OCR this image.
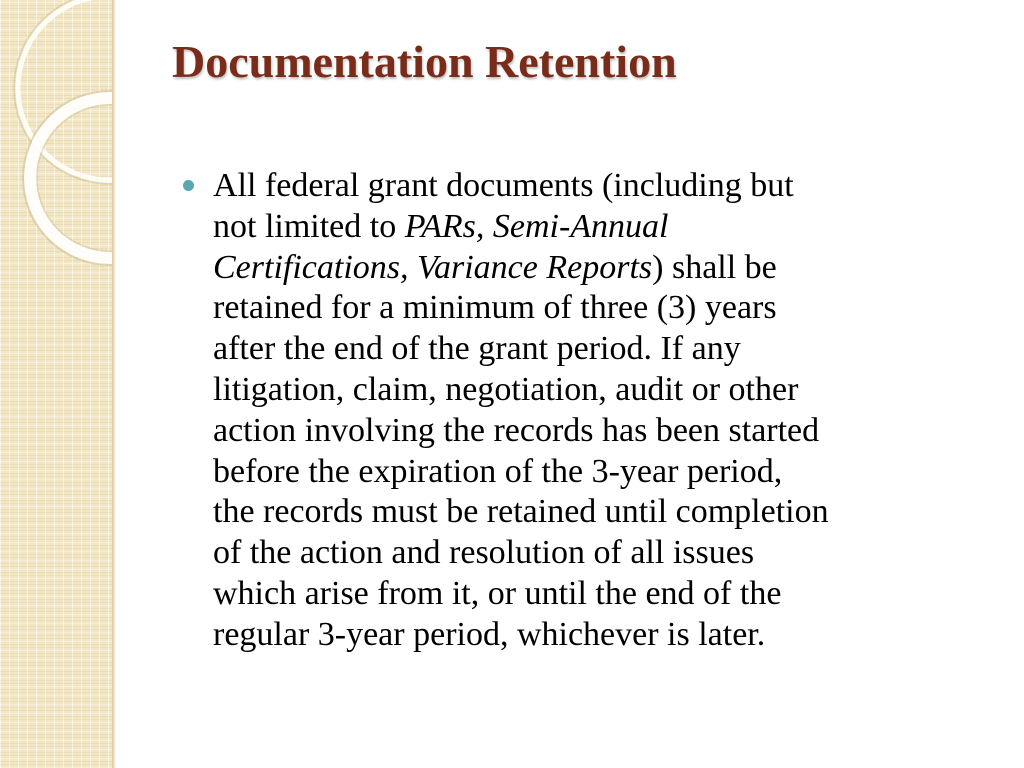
Documentation Retention
All federal grant documents (including but
not limited to PARs, Semi-Annual
Certifications, Variance Reports) shall be
retained for a minimum of three (3) years
after the end of the grant period. If any
litigation, claim, negotiation, audit or other
action involving the records has been started
before the expiration of the 3-year period,
the records must be retained until completion
of the action and resolution of all issues
which arise from it, or until the end of the
regular 3-year period, whichever is later.
